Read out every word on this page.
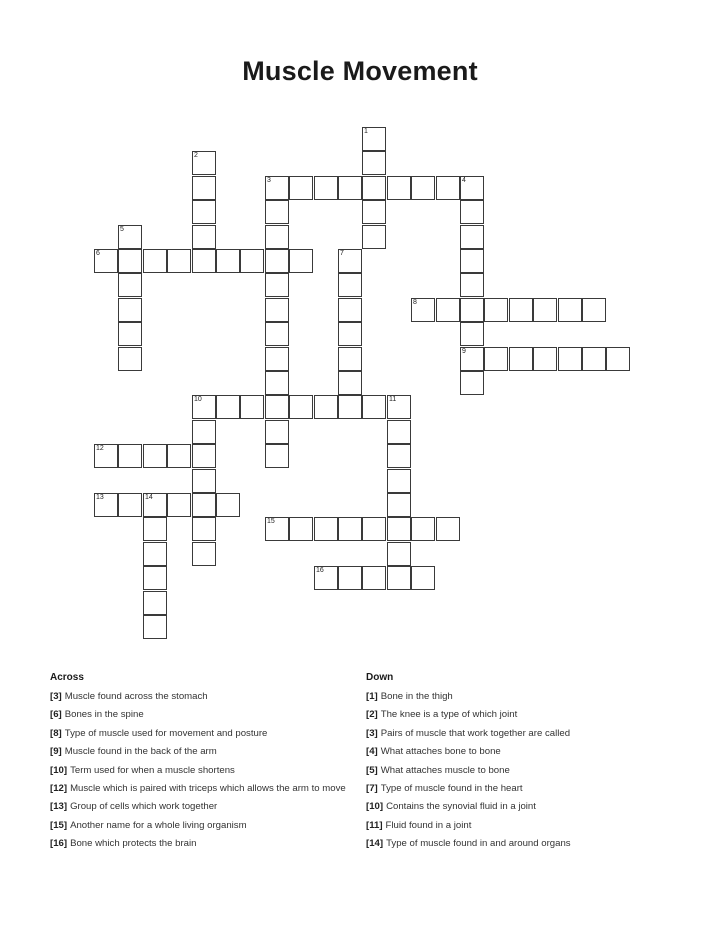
Muscle Movement
1
2
3	4
9
5
6	7
8
10	11
12
13	14
15
16
Across
[3] Muscle found across the stomach
[6] Bones in the spine
[8] Type of muscle used for movement and posture
[9] Muscle found in the back of the arm
[10] Term used for when a muscle shortens
[12] Muscle which is paired with triceps which allows the arm to move
[13] Group of cells which work together
[15] Another name for a whole living organism
[16] Bone which protects the brain
Down
[1] Bone in the thigh
[2] The knee is a type of which joint
[3] Pairs of muscle that work together are called
[4] What attaches bone to bone
[5] What attaches muscle to bone
[7] Type of muscle found in the heart
[10] Contains the synovial fluid in a joint
[11] Fluid found in a joint
[14] Type of muscle found in and around organs
